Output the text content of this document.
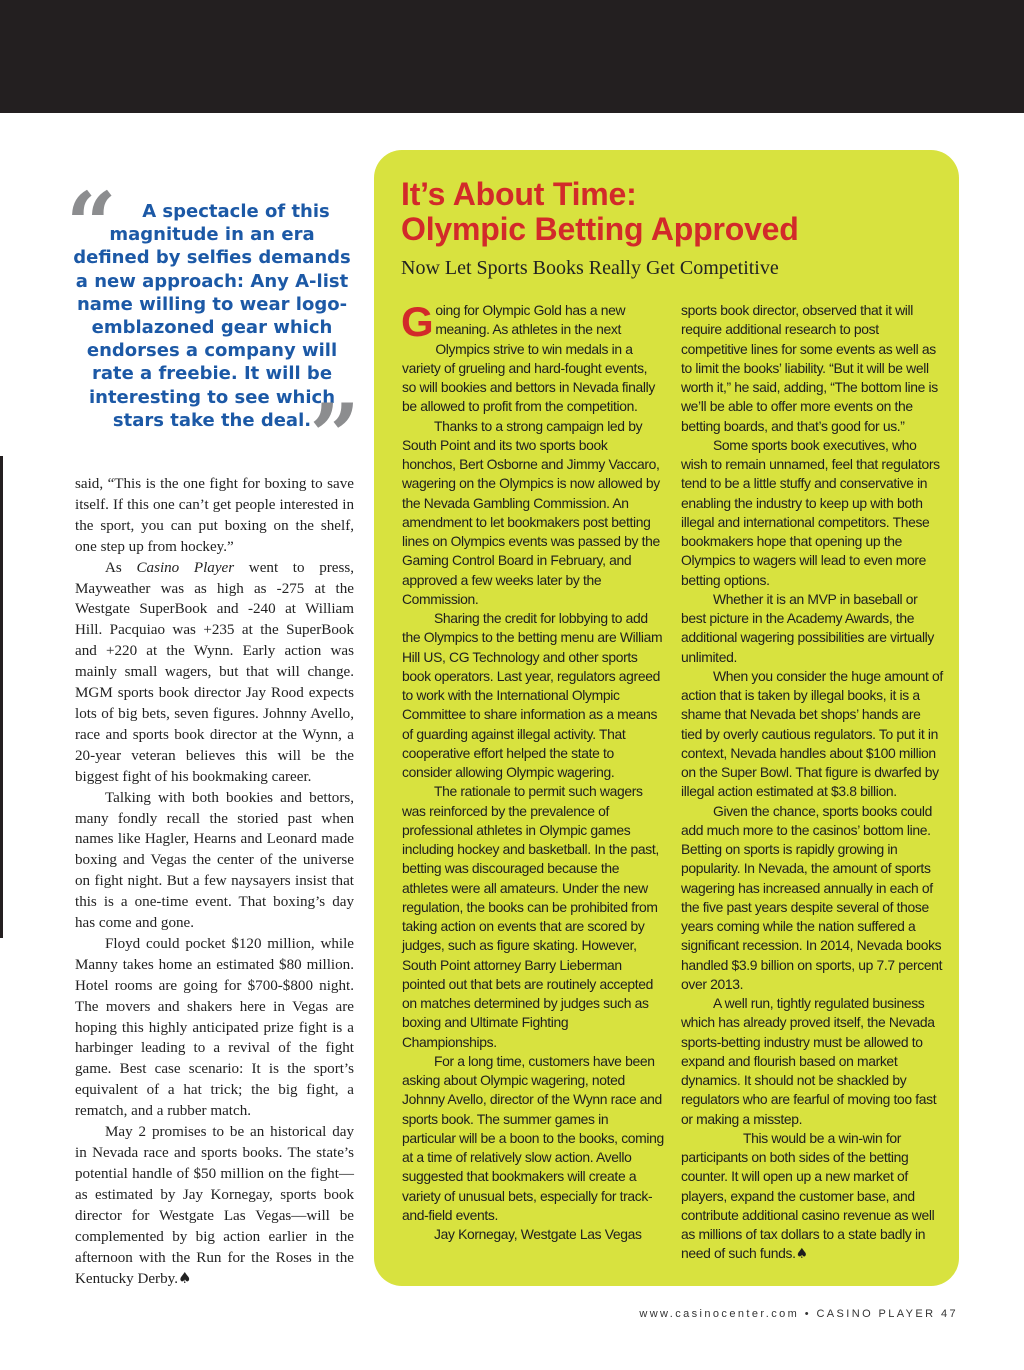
“	A spectacle of this magnitude in an era defined by selfies demands a new approach: Any A-list name willing to wear logo-emblazoned gear which endorses a company will rate a freebie. It will be interesting to see which stars take the deal.
”

said, “This is the one fight for boxing to save itself. If this one can’t get people interested in the sport, you can put boxing on the shelf, one step up from hockey.”

As Casino Player went to press, Mayweather was as high as -275 at the Westgate SuperBook and -240 at William Hill. Pacquiao was +235 at the SuperBook and +220 at the Wynn. Early action was mainly small wagers, but that will change. MGM sports book director Jay Rood expects lots of big bets, seven figures. Johnny Avello, race and sports book director at the Wynn, a 20-year veteran believes this will be the biggest fight of his bookmaking career.

Talking with both bookies and bettors, many fondly recall the storied past when names like Hagler, Hearns and Leonard made boxing and Vegas the center of the universe on fight night. But a few naysayers insist that this is a one-time event. That boxing’s day has come and gone.

Floyd could pocket $120 million, while Manny takes home an estimated $80 million. Hotel rooms are going for $700-$800 night. The movers and shakers here in Vegas are hoping this highly anticipated prize fight is a harbinger leading to a revival of the fight game. Best case scenario: It is the sport’s equivalent of a hat trick; the big fight, a rematch, and a rubber match.

May 2 promises to be an historical day in Nevada race and sports books. The state’s potential handle of $50 million on the fight—as estimated by Jay Kornegay, sports book director for Westgate Las Vegas—will be complemented by big action earlier in the afternoon with the Run for the Roses in the Kentucky Derby.♠

It’s About Time:
Olympic Betting Approved
Now Let Sports Books Really Get Competitive

Going for Olympic Gold has a new meaning. As athletes in the next Olympics strive to win medals in a variety of grueling and hard-fought events, so will bookies and bettors in Nevada finally be allowed to profit from the competition.

Thanks to a strong campaign led by South Point and its two sports book honchos, Bert Osborne and Jimmy Vaccaro, wagering on the Olympics is now allowed by the Nevada Gambling Commission. An amendment to let bookmakers post betting lines on Olympics events was passed by the Gaming Control Board in February, and approved a few weeks later by the Commission.

Sharing the credit for lobbying to add the Olympics to the betting menu are William Hill US, CG Technology and other sports book operators. Last year, regulators agreed to work with the International Olympic Committee to share information as a means of guarding against illegal activity. That cooperative effort helped the state to consider allowing Olympic wagering.

The rationale to permit such wagers was reinforced by the prevalence of professional athletes in Olympic games including hockey and basketball. In the past, betting was discouraged because the athletes were all amateurs. Under the new regulation, the books can be prohibited from taking action on events that are scored by judges, such as figure skating. However, South Point attorney Barry Lieberman pointed out that bets are routinely accepted on matches determined by judges such as boxing and Ultimate Fighting Championships.

For a long time, customers have been asking about Olympic wagering, noted Johnny Avello, director of the Wynn race and sports book. The summer games in particular will be a boon to the books, coming at a time of relatively slow action. Avello suggested that bookmakers will create a variety of unusual bets, especially for track-and-field events.

Jay Kornegay, Westgate Las Vegas

sports book director, observed that it will require additional research to post competitive lines for some events as well as to limit the books’ liability. “But it will be well worth it,” he said, adding, “The bottom line is we’ll be able to offer more events on the betting boards, and that’s good for us.”

Some sports book executives, who wish to remain unnamed, feel that regulators tend to be a little stuffy and conservative in enabling the industry to keep up with both illegal and international competitors. These bookmakers hope that opening up the Olympics to wagers will lead to even more betting options.

Whether it is an MVP in baseball or best picture in the Academy Awards, the additional wagering possibilities are virtually unlimited.

When you consider the huge amount of action that is taken by illegal books, it is a shame that Nevada bet shops’ hands are tied by overly cautious regulators. To put it in context, Nevada handles about $100 million on the Super Bowl. That figure is dwarfed by illegal action estimated at $3.8 billion.

Given the chance, sports books could add much more to the casinos’ bottom line. Betting on sports is rapidly growing in popularity. In Nevada, the amount of sports wagering has increased annually in each of the five past years despite several of those years coming while the nation suffered a significant recession. In 2014, Nevada books handled $3.9 billion on sports, up 7.7 percent over 2013.

A well run, tightly regulated business which has already proved itself, the Nevada sports-betting industry must be allowed to expand and flourish based on market dynamics. It should not be shackled by regulators who are fearful of moving too fast or making a misstep.

This would be a win-win for participants on both sides of the betting counter. It will open up a new market of players, expand the customer base, and contribute additional casino revenue as well as millions of tax dollars to a state badly in need of such funds.♠

www.casinocenter.com • CASINO PLAYER 47
